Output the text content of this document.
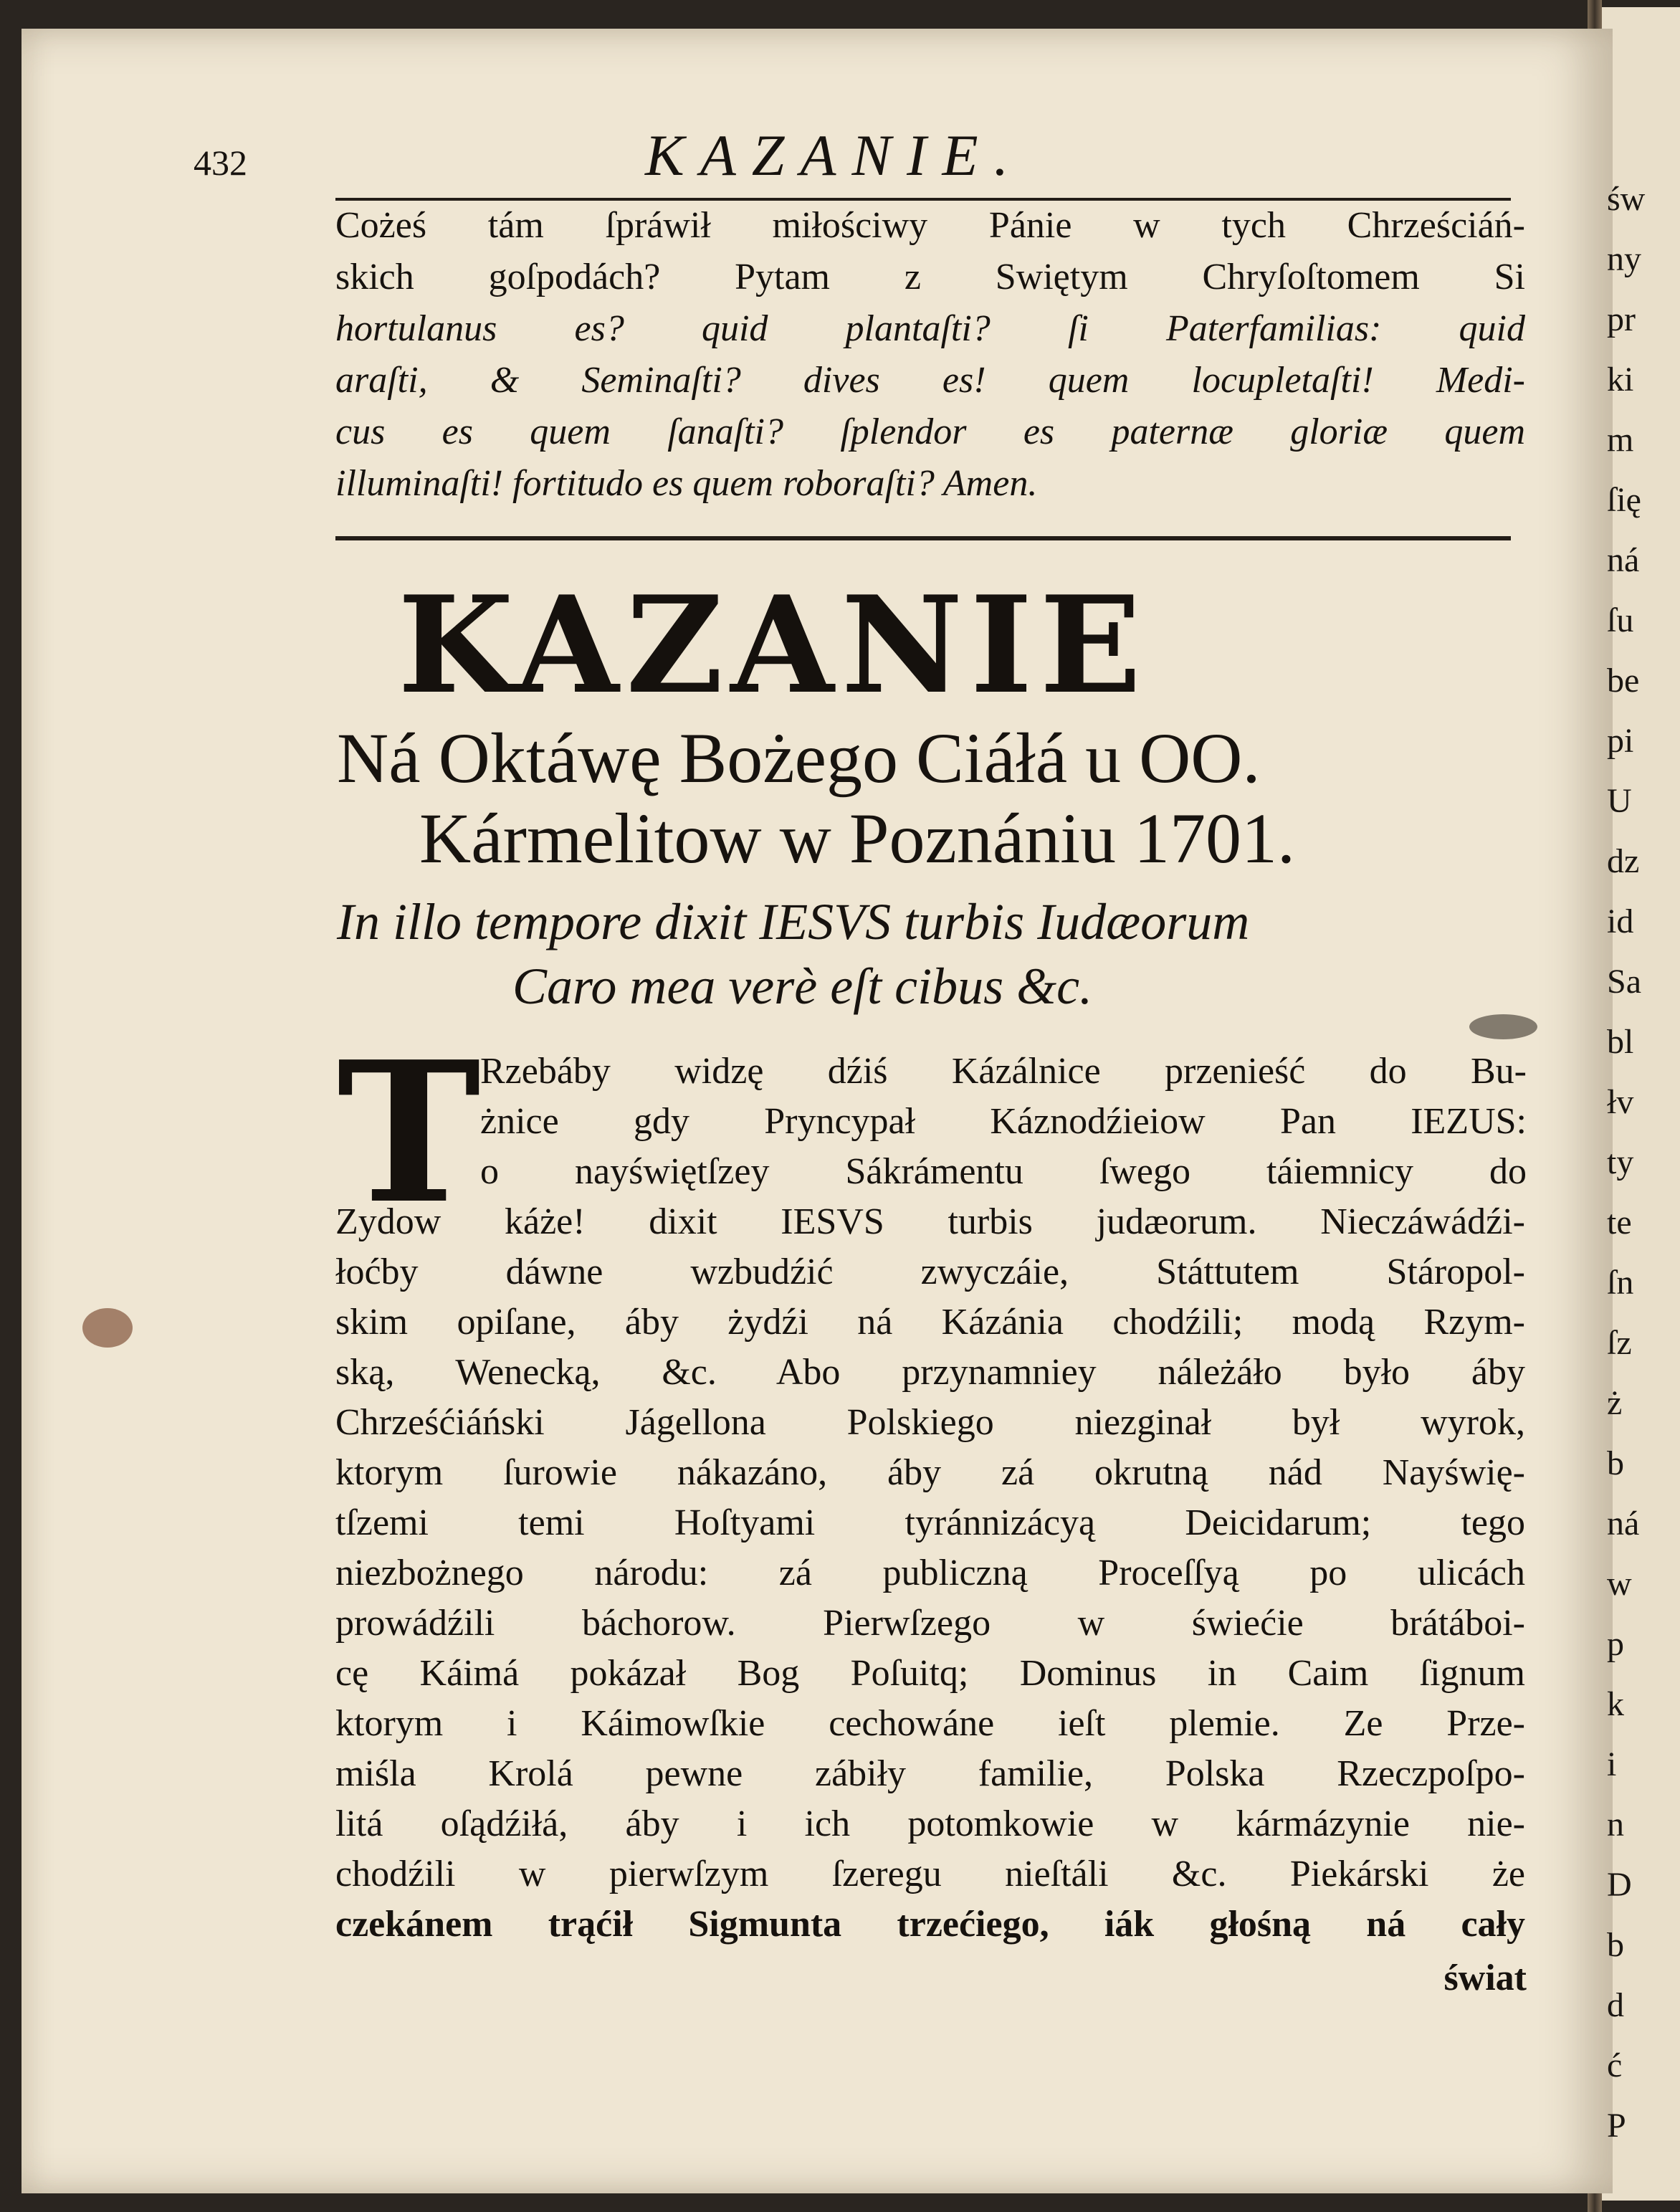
432	KAZANIE.
Cożeś tám ſpráwił miłościwy Pánie w tych Chrześciáń-
skich goſpodách? Pytam z Swiętym Chryſoſtomem Si
hortulanus es? quid plantaſti? ſi Paterfamilias: quid
araſti, & Seminaſti? dives es! quem locupletaſti! Medi-
cus es quem ſanaſti? ſplendor es paternæ gloriæ quem
illuminaſti! fortitudo es quem roboraſti? Amen.
KAZANIE
Ná Oktáwę Bożego Ciáłá u OO.
Kármelitow w Poznániu 1701.
In illo tempore dixit IESVS turbis Iudæorum
Caro mea verè eſt cibus &c.
T Rzebáby widzę dźiś Kázálnice przenieść do Bu-
żnice gdy Pryncypał Káznodźieiow Pan IEZUS:
o nayświętſzey Sákrámentu ſwego táiemnicy do
Zydow káże! dixit IESVS turbis judæorum. Nieczáwádźi-
łoćby dáwne wzbudźić zwyczáie, Státtutem Stáropol-
skim opiſane, áby żydźi ná Kázánia chodźili; modą Rzym-
ską, Wenecką, &c. Abo przynamniey náleżáło było áby
Chrześćiáński Jágellona Polskiego niezginał był wyrok,
ktorym ſurowie nákazáno, áby zá okrutną nád Nayświę-
tſzemi temi Hoſtyami tyránnizácyą Deicidarum; tego
niezbożnego národu: zá publiczną Proceſſyą po ulicách
prowádźili báchorow. Pierwſzego w świećie brátáboi-
cę Káimá pokázał Bog Poſuitq; Dominus in Caim ſignum
ktorym i Káimowſkie cechowáne ieſt plemie. Ze Prze-
miśla Krolá pewne zábiły familie, Polska Rzeczpoſpo-
litá oſądźiłá, áby i ich potomkowie w kármázynie nie-
chodźili w pierwſzym ſzeregu nieſtáli &c. Piekárski że
czekánem trąćił Sigmunta trzećiego, iák głośną ná cały
świat
św
ny
pr
ki
m
ſię
ná
ſu
be
pi
U
dz
id
Sa
bl
łv
ty
te
ſn
ſz
ż
b
ná
w
p
k
i
n
D
b
d
ć
P
